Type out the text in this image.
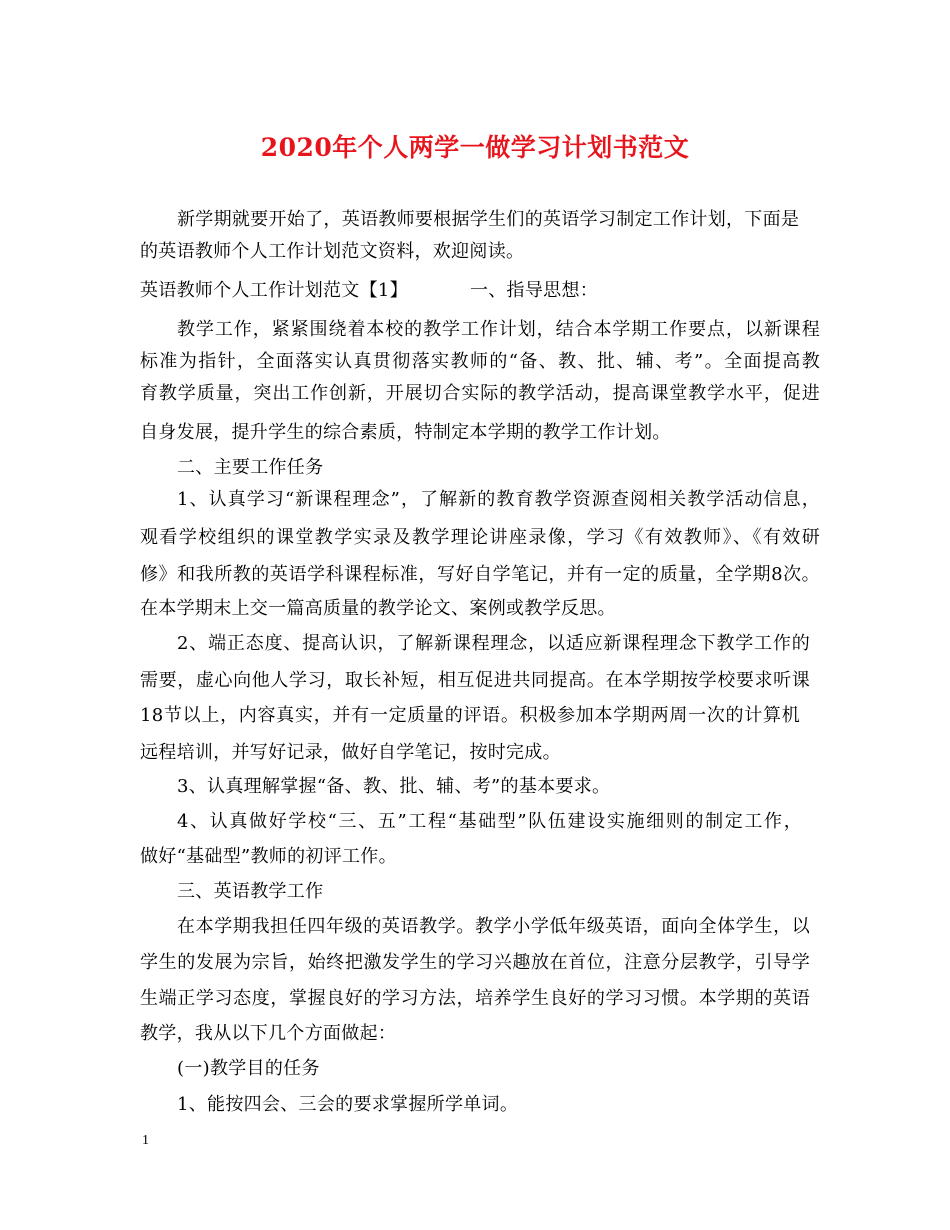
2020年个人两学一做学习计划书范文
新学期就要开始了，英语教师要根据学生们的英语学习制定工作计划，下面是
的英语教师个人工作计划范文资料，欢迎阅读。
英语教师个人工作计划范文【1】	一、指导思想：
教学工作，紧紧围绕着本校的教学工作计划，结合本学期工作要点，以新课程
标准为指针，全面落实认真贯彻落实教师的“备、教、批、辅、考”。全面提高教
育教学质量，突出工作创新，开展切合实际的教学活动，提高课堂教学水平，促进
自身发展，提升学生的综合素质，特制定本学期的教学工作计划。
二、主要工作任务
1、认真学习“新课程理念”，了解新的教育教学资源查阅相关教学活动信息，
观看学校组织的课堂教学实录及教学理论讲座录像，学习《有效教师》、《有效研
修》和我所教的英语学科课程标准，写好自学笔记，并有一定的质量，全学期8次。
在本学期末上交一篇高质量的教学论文、案例或教学反思。
2、端正态度、提高认识，了解新课程理念，以适应新课程理念下教学工作的
需要，虚心向他人学习，取长补短，相互促进共同提高。在本学期按学校要求听课
18节以上，内容真实，并有一定质量的评语。积极参加本学期两周一次的计算机
远程培训，并写好记录，做好自学笔记，按时完成。
3、认真理解掌握“备、教、批、辅、考”的基本要求。
4、认真做好学校“三、五”工程“基础型”队伍建设实施细则的制定工作，
做好“基础型”教师的初评工作。
三、英语教学工作
在本学期我担任四年级的英语教学。教学小学低年级英语，面向全体学生，以
学生的发展为宗旨，始终把激发学生的学习兴趣放在首位，注意分层教学，引导学
生端正学习态度，掌握良好的学习方法，培养学生良好的学习习惯。本学期的英语
教学，我从以下几个方面做起：
(一)教学目的任务
1、能按四会、三会的要求掌握所学单词。
1
